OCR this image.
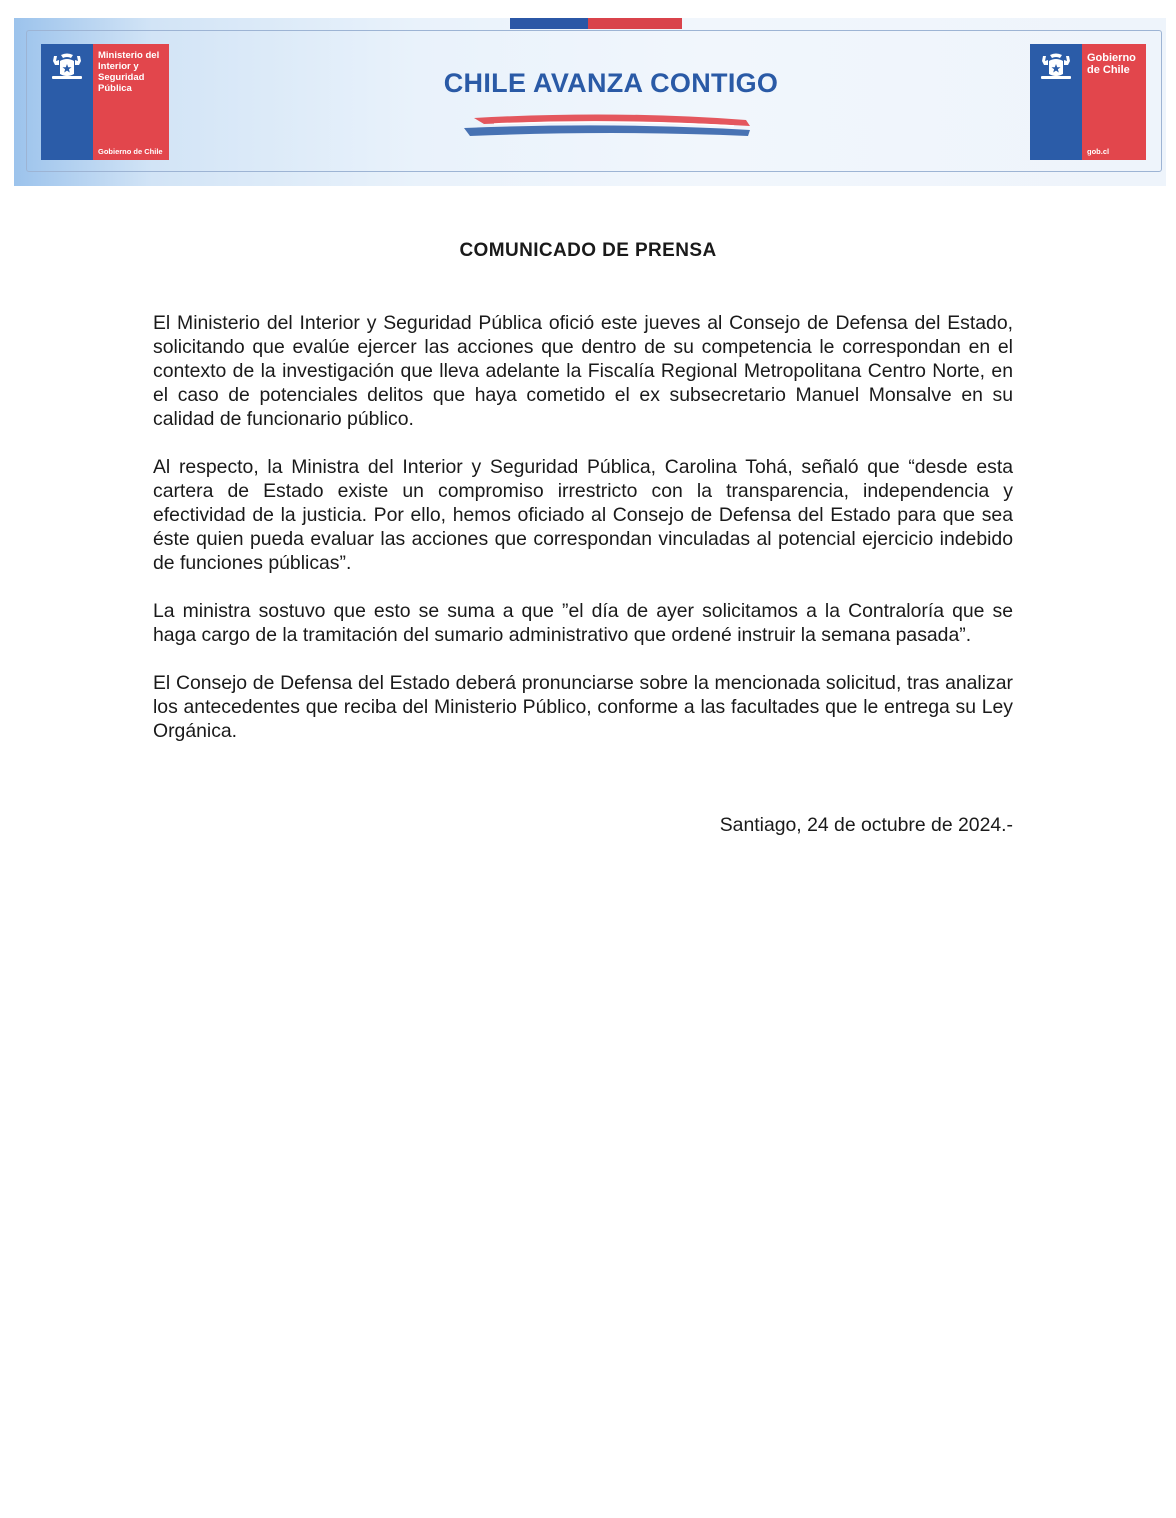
Ministerio del
Interior y
Seguridad
Pública
Gobierno de Chile
CHILE AVANZA CONTIGO
Gobierno
de Chile
gob.cl
COMUNICADO DE PRENSA

El Ministerio del Interior y Seguridad Pública ofició este jueves al Consejo de Defensa del Estado, solicitando que evalúe ejercer las acciones que dentro de su competencia le correspondan en el contexto de la investigación que lleva adelante la Fiscalía Regional Metropolitana Centro Norte, en el caso de potenciales delitos que haya cometido el ex subsecretario Manuel Monsalve en su calidad de funcionario público.

Al respecto, la Ministra del Interior y Seguridad Pública, Carolina Tohá, señaló que “desde esta cartera de Estado existe un compromiso irrestricto con la transparencia, independencia y efectividad de la justicia. Por ello, hemos oficiado al Consejo de Defensa del Estado para que sea éste quien pueda evaluar las acciones que correspondan vinculadas al potencial ejercicio indebido de funciones públicas”.

La ministra sostuvo que esto se suma a que ”el día de ayer solicitamos a la Contraloría que se haga cargo de la tramitación del sumario administrativo que ordené instruir la semana pasada”.

El Consejo de Defensa del Estado deberá pronunciarse sobre la mencionada solicitud, tras analizar los antecedentes que reciba del Ministerio Público, conforme a las facultades que le entrega su Ley Orgánica.

Santiago, 24 de octubre de 2024.-
